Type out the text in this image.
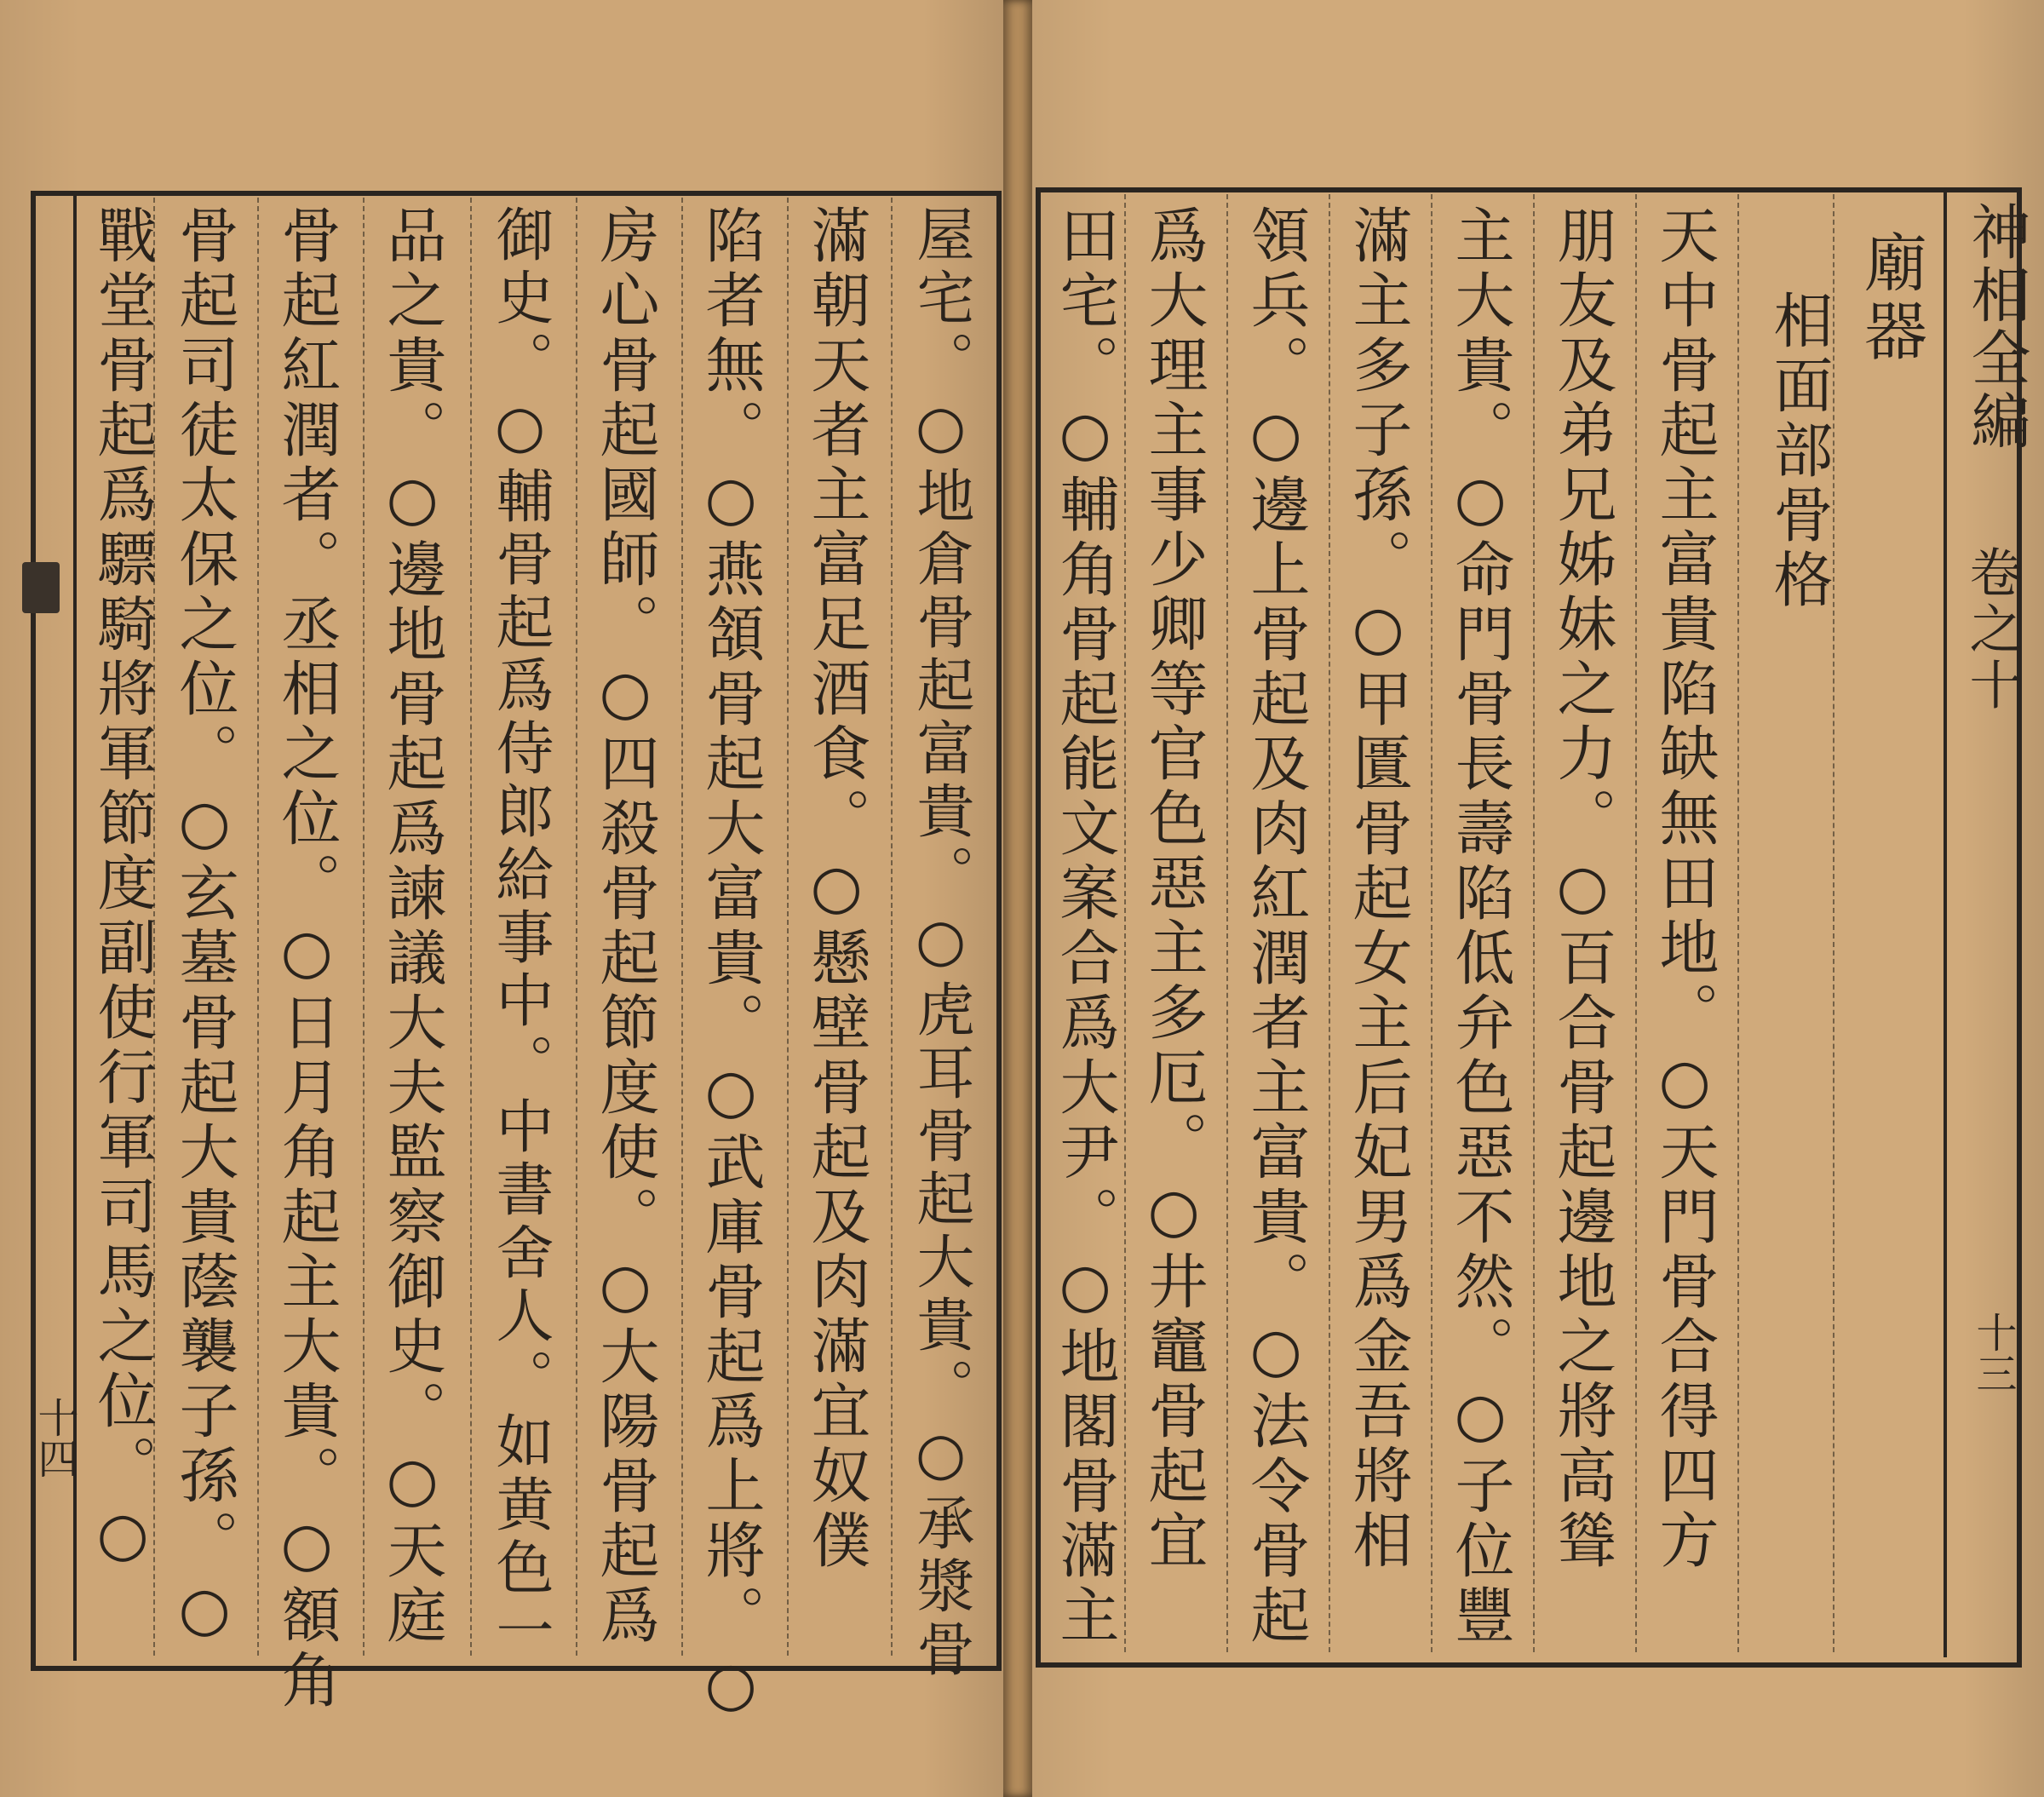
十四	屋宅。○地倉骨起富貴。○虎耳骨起大貴。○承漿骨
滿朝天者主富足酒食。○懸壁骨起及肉滿宜奴僕
陷者無。○燕頷骨起大富貴。○武庫骨起爲上將。○
房心骨起國師。○四殺骨起節度使。○大陽骨起爲
御史。○輔骨起爲侍郎給事中。中書舍人。如黄色一
品之貴。○邊地骨起爲諫議大夫監察御史。○天庭
骨起紅潤者。丞相之位。○日月角起主大貴。○額角
骨起司徒太保之位。○玄墓骨起大貴蔭襲子孫。○
戰堂骨起爲驃騎將軍節度副使行軍司馬之位。○	神相全編
卷之十
十三
廟器
相面部骨格
天中骨起主富貴陷缺無田地。○天門骨合得四方
朋友及弟兄姊妹之力。○百合骨起邊地之將高聳
主大貴。○命門骨長壽陷低弁色惡不然。○子位豐
滿主多子孫。○甲匱骨起女主后妃男爲金吾將相
領兵。○邊上骨起及肉紅潤者主富貴。○法令骨起
爲大理主事少卿等官色惡主多厄。○井竈骨起宜
田宅。○輔角骨起能文案合爲大尹。○地閣骨滿主
